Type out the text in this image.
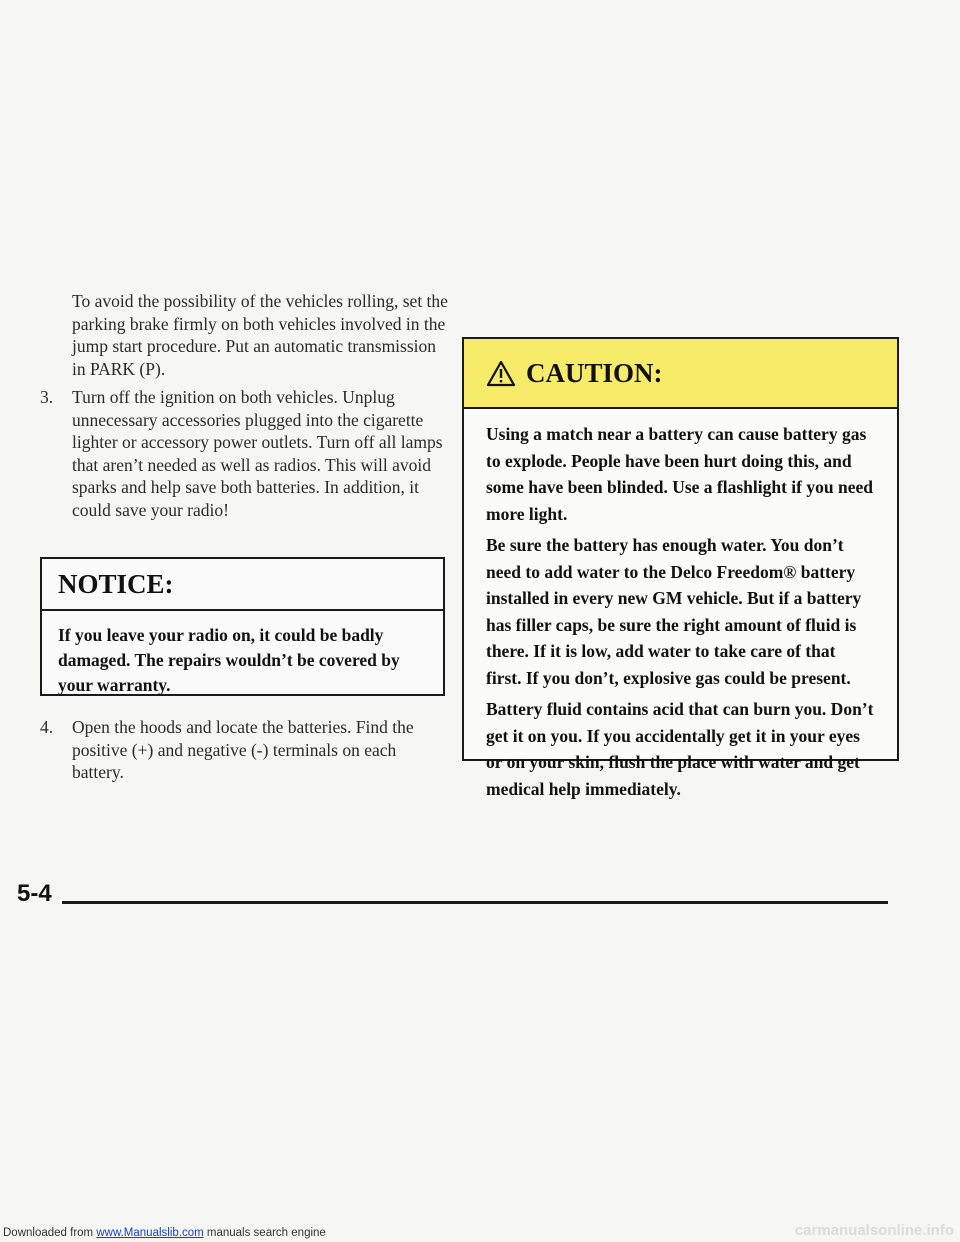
To avoid the possibility of the vehicles rolling, set the parking brake firmly on both vehicles involved in the jump start procedure. Put an automatic transmission in PARK (P).

3.	Turn off the ignition on both vehicles. Unplug unnecessary accessories plugged into the cigarette lighter or accessory power outlets. Turn off all lamps that aren’t needed as well as radios. This will avoid sparks and help save both batteries. In addition, it could save your radio!
NOTICE:
If you leave your radio on, it could be badly damaged. The repairs wouldn’t be covered by your warranty.
4.	Open the hoods and locate the batteries. Find the positive (+) and negative (-) terminals on each battery.
CAUTION:

Using a match near a battery can cause battery gas to explode. People have been hurt doing this, and some have been blinded. Use a flashlight if you need more light.

Be sure the battery has enough water. You don’t need to add water to the Delco Freedom® battery installed in every new GM vehicle. But if a battery has filler caps, be sure the right amount of fluid is there. If it is low, add water to take care of that first. If you don’t, explosive gas could be present.

Battery fluid contains acid that can burn you. Don’t get it on you. If you accidentally get it in your eyes or on your skin, flush the place with water and get medical help immediately.

5-4
Downloaded from www.Manualslib.com manuals search engine	carmanualsonline.info
